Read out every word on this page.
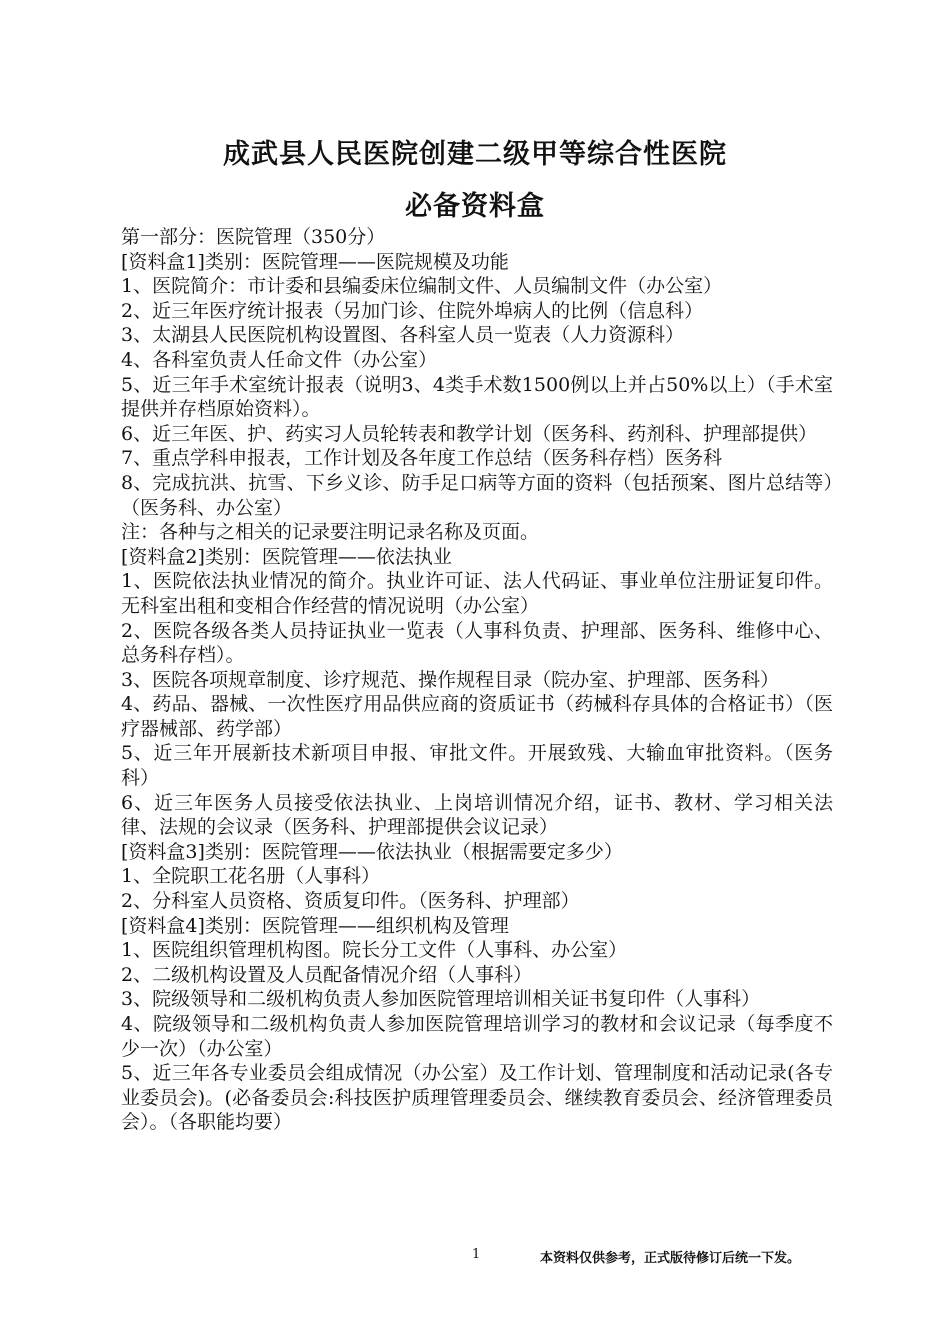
成武县人民医院创建二级甲等综合性医院
必备资料盒

第一部分：医院管理（350分）

[资料盒1]类别：医院管理——医院规模及功能

1、医院简介：市计委和县编委床位编制文件、人员编制文件（办公室）

2、近三年医疗统计报表（另加门诊、住院外埠病人的比例（信息科）

3、太湖县人民医院机构设置图、各科室人员一览表（人力资源科）

4、各科室负责人任命文件（办公室）

5、近三年手术室统计报表（说明3、4类手术数1500例以上并占50%以上）（手术室提供并存档原始资料）。

6、近三年医、护、药实习人员轮转表和教学计划（医务科、药剂科、护理部提供）

7、重点学科申报表，工作计划及各年度工作总结（医务科存档）医务科

8、完成抗洪、抗雪、下乡义诊、防手足口病等方面的资料（包括预案、图片总结等）（医务科、办公室）

注：各种与之相关的记录要注明记录名称及页面。

[资料盒2]类别：医院管理——依法执业

1、医院依法执业情况的简介。执业许可证、法人代码证、事业单位注册证复印件。无科室出租和变相合作经营的情况说明（办公室）

2、医院各级各类人员持证执业一览表（人事科负责、护理部、医务科、维修中心、总务科存档）。

3、医院各项规章制度、诊疗规范、操作规程目录（院办室、护理部、医务科）

4、药品、器械、一次性医疗用品供应商的资质证书（药械科存具体的合格证书）（医疗器械部、药学部）

5、近三年开展新技术新项目申报、审批文件。开展致残、大输血审批资料。（医务科）

6、近三年医务人员接受依法执业、上岗培训情况介绍，证书、教材、学习相关法律、法规的会议录（医务科、护理部提供会议记录）

[资料盒3]类别：医院管理——依法执业（根据需要定多少）

1、全院职工花名册（人事科）

2、分科室人员资格、资质复印件。（医务科、护理部）

[资料盒4]类别：医院管理——组织机构及管理

1、医院组织管理机构图。院长分工文件（人事科、办公室）

2、二级机构设置及人员配备情况介绍（人事科）

3、院级领导和二级机构负责人参加医院管理培训相关证书复印件（人事科）

4、院级领导和二级机构负责人参加医院管理培训学习的教材和会议记录（每季度不少一次）（办公室）

5、近三年各专业委员会组成情况（办公室）及工作计划、管理制度和活动记录(各专业委员会)。(必备委员会:科技医护质理管理委员会、继续教育委员会、经济管理委员会）。（各职能均要）

1	本资料仅供参考，正式版待修订后统一下发。
